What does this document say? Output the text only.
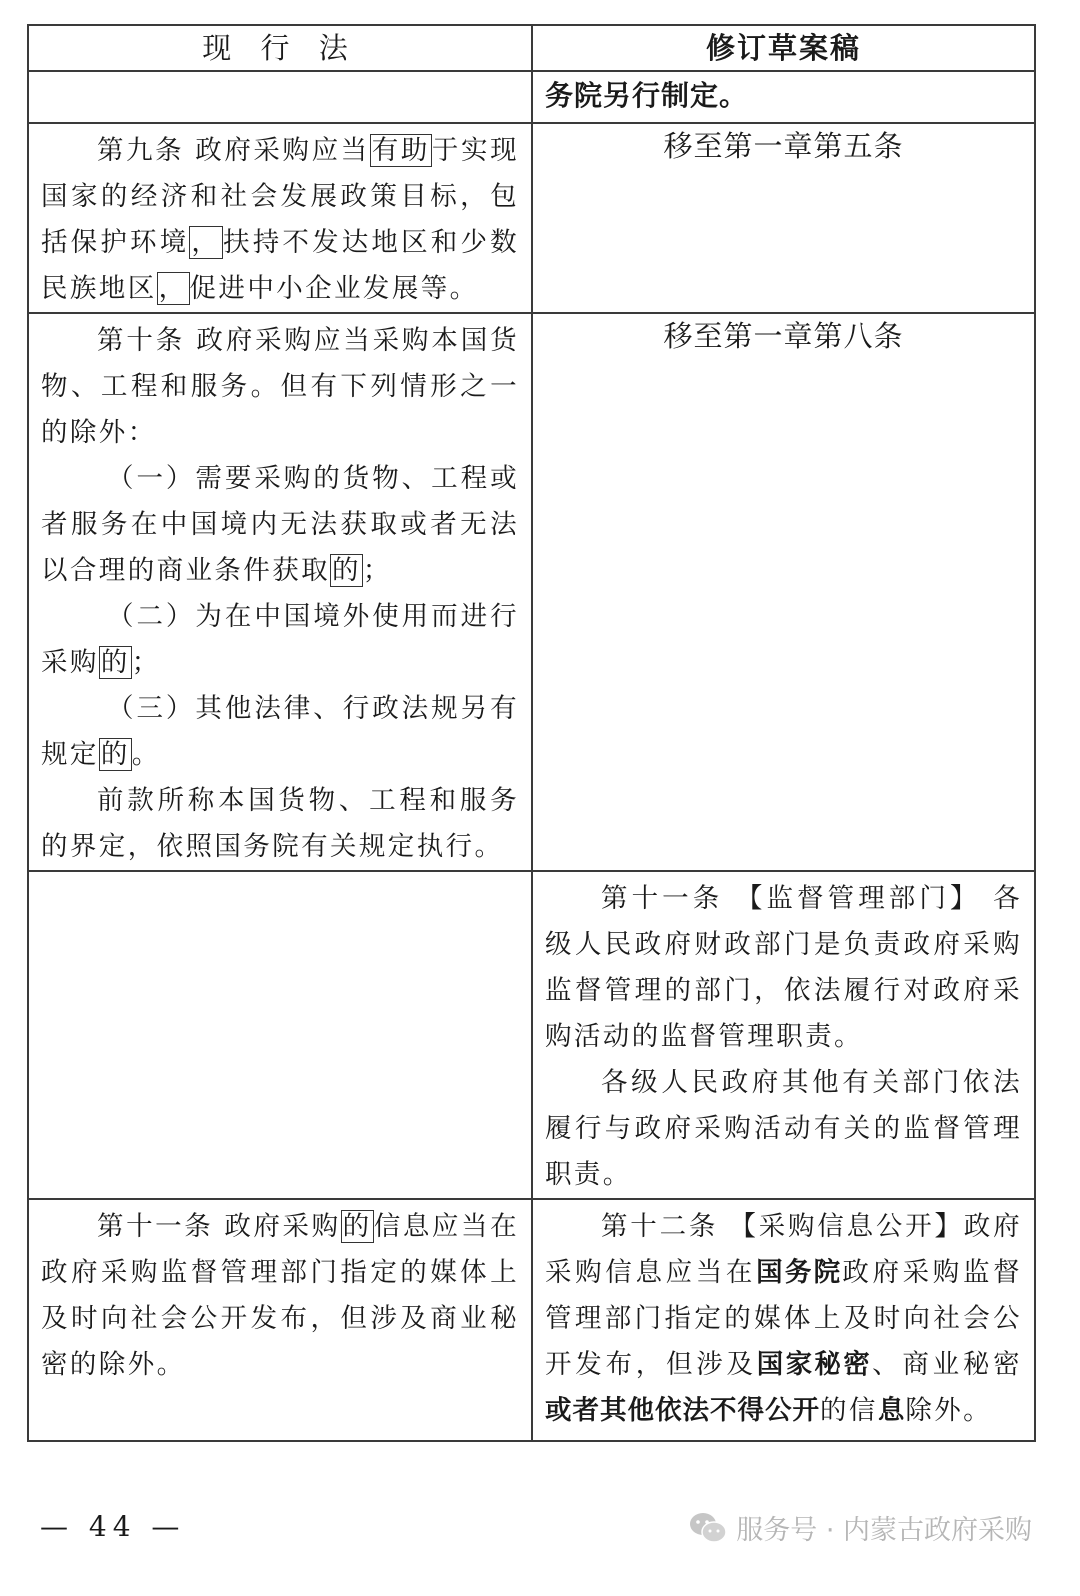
现 行 法	修订草案稿

	务院另行制定。

第九条 政府采购应当有助于实现国家的经济和社会发展政策目标，包括保护环境，扶持不发达地区和少数民族地区，促进中小企业发展等。	移至第一章第五条

第十条 政府采购应当采购本国货物、工程和服务。但有下列情形之一的除外：

（一）需要采购的货物、工程或者服务在中国境内无法获取或者无法以合理的商业条件获取的；

（二）为在中国境外使用而进行采购的；

（三）其他法律、行政法规另有规定的。

前款所称本国货物、工程和服务的界定，依照国务院有关规定执行。	移至第一章第八条

	第十一条 【监督管理部门】 各级人民政府财政部门是负责政府采购监督管理的部门，依法履行对政府采购活动的监督管理职责。

各级人民政府其他有关部门依法履行与政府采购活动有关的监督管理职责。

第十一条 政府采购的信息应当在政府采购监督管理部门指定的媒体上及时向社会公开发布，但涉及商业秘密的除外。	第十二条 【采购信息公开】政府采购信息应当在国务院政府采购监督管理部门指定的媒体上及时向社会公开发布，但涉及国家秘密、商业秘密或者其他依法不得公开的信息除外。

— 44 —	服务号 · 内蒙古政府采购
